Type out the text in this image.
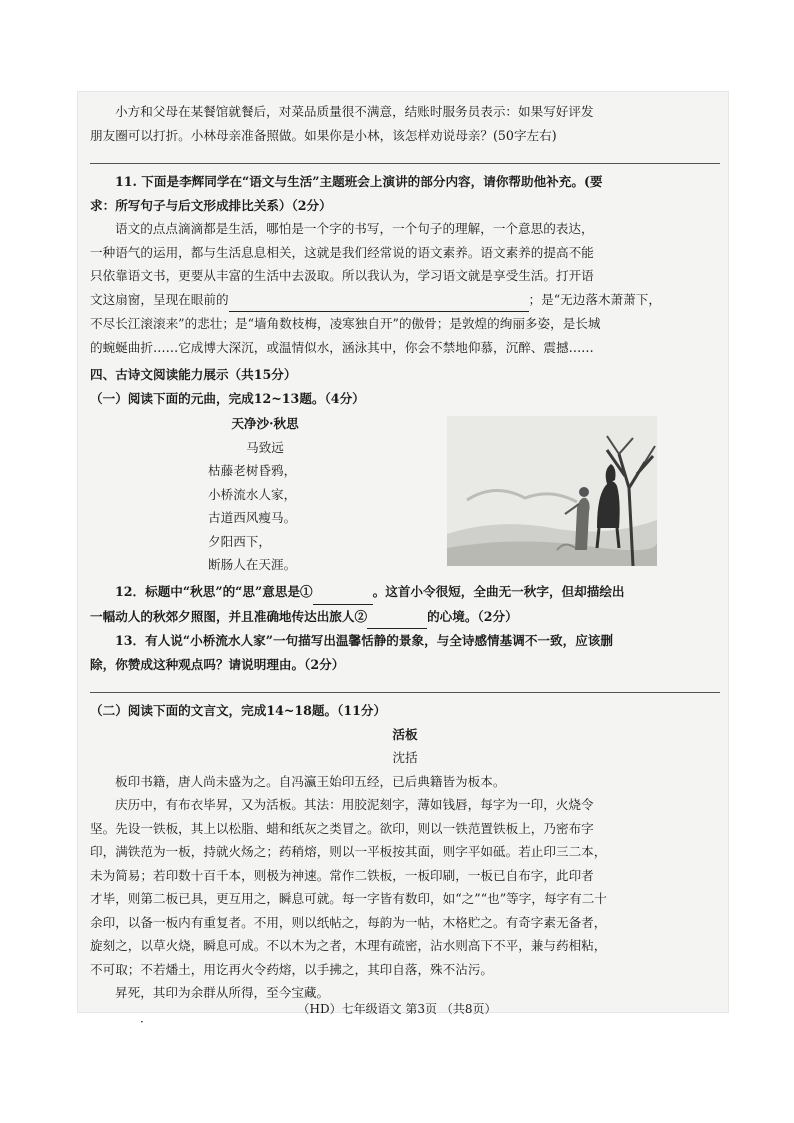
小方和父母在某餐馆就餐后，对菜品质量很不满意，结账时服务员表示：如果写好评发

朋友圈可以打折。小林母亲准备照做。如果你是小林，该怎样劝说母亲？(50字左右)

11. 下面是李辉同学在“语文与生活”主题班会上演讲的部分内容，请你帮助他补充。(要

求：所写句子与后文形成排比关系）（2分）

语文的点点滴滴都是生活，哪怕是一个字的书写，一个句子的理解，一个意思的表达，

一种语气的运用，都与生活息息相关，这就是我们经常说的语文素养。语文素养的提高不能

只依靠语文书，更要从丰富的生活中去汲取。所以我认为，学习语文就是享受生活。打开语

文这扇窗，呈现在眼前的	；是“无边落木萧萧下，

不尽长江滚滚来”的悲壮；是“墙角数枝梅，凌寒独自开”的傲骨；是敦煌的绚丽多姿，是长城

的蜿蜒曲折……它成博大深沉，或温情似水，涵泳其中，你会不禁地仰慕，沉醉、震撼……

四、古诗文阅读能力展示（共15分）

（一）阅读下面的元曲，完成12~13题。（4分）

天净沙·秋思

马致远

枯藤老树昏鸦，

小桥流水人家，

古道西风瘦马。

夕阳西下，

断肠人在天涯。

12．标题中“秋思”的“思”意思是①	。这首小令很短，全曲无一秋字，但却描绘出

一幅动人的秋郊夕照图，并且准确地传达出旅人②	的心境。（2分）

13．有人说“小桥流水人家”一句描写出温馨恬静的景象，与全诗感情基调不一致，应该删

除，你赞成这种观点吗？请说明理由。（2分）

（二）阅读下面的文言文，完成14~18题。（11分）

活板

沈括

板印书籍，唐人尚未盛为之。自冯瀛王始印五经，已后典籍皆为板本。

庆历中，有布衣毕昇，又为活板。其法：用胶泥刻字，薄如钱唇，每字为一印，火烧令

坚。先设一铁板，其上以松脂、蜡和纸灰之类冒之。欲印，则以一铁范置铁板上，乃密布字

印，满铁范为一板，持就火炀之；药稍熔，则以一平板按其面，则字平如砥。若止印三二本，

未为简易；若印数十百千本，则极为神速。常作二铁板，一板印刷，一板已自布字，此印者

才毕，则第二板已具，更互用之，瞬息可就。每一字皆有数印，如“之”“也”等字，每字有二十

余印，以备一板内有重复者。不用，则以纸帖之，每韵为一帖，木格贮之。有奇字素无备者，

旋刻之，以草火烧，瞬息可成。不以木为之者，木理有疏密，沾水则高下不平，兼与药相粘，

不可取；不若燔土，用讫再火令药熔，以手拂之，其印自落，殊不沾污。

昇死，其印为余群从所得，至今宝藏。

（HD）七年级语文 第3页 （共8页）
·
